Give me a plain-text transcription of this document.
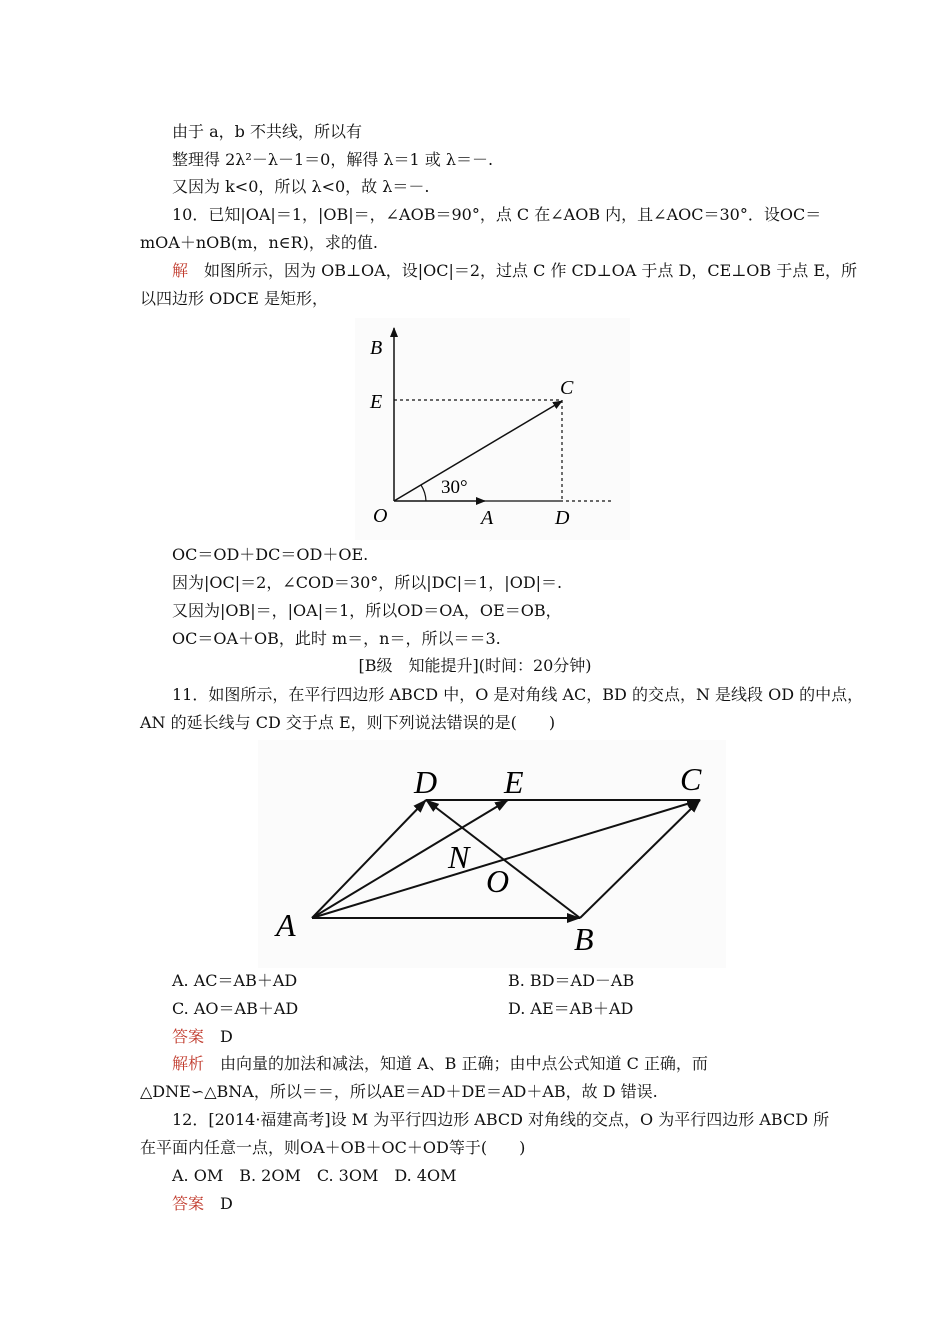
由于 a，b 不共线，所以有
整理得 2λ²－λ－1＝0，解得 λ＝1 或 λ＝－.
又因为 k<0，所以 λ<0，故 λ＝－.
10．已知|OA|＝1，|OB|＝，∠AOB＝90°，点 C 在∠AOB 内，且∠AOC＝30°．设OC＝
mOA＋nOB(m，n∈R)，求的值.
解　 如图所示，因为 OB⊥OA，设|OC|＝2，过点 C 作 CD⊥OA 于点 D，CE⊥OB 于点 E，所
以四边形 ODCE 是矩形，
B
E
C
O	A	D
30°
OC＝OD＋DC＝OD＋OE.
因为|OC|＝2，∠COD＝30°，所以|DC|＝1，|OD|＝.
又因为|OB|＝，|OA|＝1，所以OD＝OA，OE＝OB，
OC＝OA＋OB，此时 m＝，n＝，所以＝＝3.
[B级　知能提升](时间：20分钟)
11．如图所示，在平行四边形 ABCD 中，O 是对角线 AC，BD 的交点，N 是线段 OD 的中点，
AN 的延长线与 CD 交于点 E，则下列说法错误的是(　　)
D E	C
N
O
A	B
A. AC＝AB＋AD	B. BD＝AD－AB
C. AO＝AB＋AD	D. AE＝AB＋AD
答案　 D
解析　 由向量的加法和减法，知道 A、B 正确；由中点公式知道 C 正确，而
△DNE∽△BNA，所以＝＝，所以AE＝AD＋DE＝AD＋AB，故 D 错误.
12．[2014·福建高考]设 M 为平行四边形 ABCD 对角线的交点，O 为平行四边形 ABCD 所
在平面内任意一点，则OA＋OB＋OC＋OD等于(　　)
A. OM　B. 2OM　C. 3OM　D. 4OM
答案　 D
